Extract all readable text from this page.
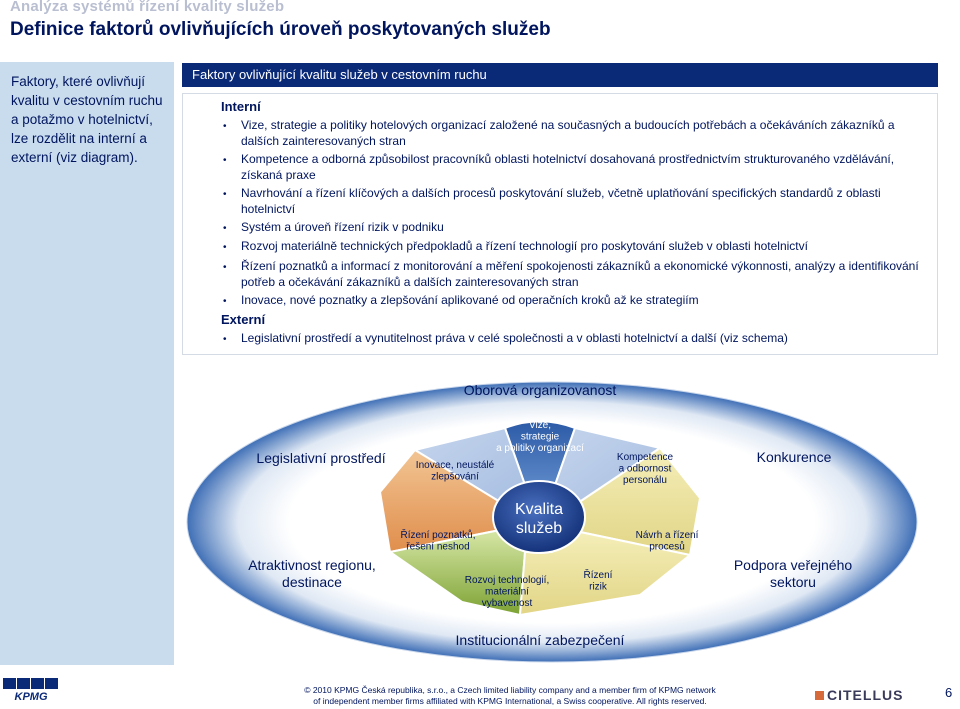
Analýza systémů řízení kvality služeb
Definice faktorů ovlivňujících úroveň poskytovaných služeb
Faktory, které ovlivňují kvalitu v cestovním ruchu a potažmo v hotelnictví, lze rozdělit na interní a externí (viz diagram).
Faktory ovlivňující kvalitu služeb v cestovním ruchu
Interní
• Vize, strategie a politiky hotelových organizací založené na současných a budoucích potřebách a očekáváních zákazníků a dalších zainteresovaných stran
• Kompetence a odborná způsobilost pracovníků oblasti hotelnictví dosahovaná prostřednictvím strukturovaného vzdělávání, získaná praxe
• Navrhování a řízení klíčových a dalších procesů poskytování služeb, včetně uplatňování specifických standardů z oblasti hotelnictví
• Systém a úroveň řízení rizik v podniku
• Rozvoj materiálně technických předpokladů a řízení technologií pro poskytování služeb v oblasti hotelnictví
• Řízení poznatků a informací z monitorování a měření spokojenosti zákazníků a ekonomické výkonnosti, analýzy a identifikování potřeb a očekávání zákazníků a dalších zainteresovaných stran
• Inovace, nové poznatky a zlepšování aplikované od operačních kroků až ke strategiím
Externí
• Legislativní prostředí a vynutitelnost práva v celé společnosti a v oblasti hotelnictví a další (viz schema)
Oborová organizovanost
Institucionální zabezpečení
Legislativní prostředí	Konkurence
Atraktivnost regionu,
destinace
Podpora veřejného
sektoru
Kvalita
služeb
Vize,
strategie
a politiky organizací
Inovace, neustálé
zlepšování
Kompetence
a odbornost
personálu
Řízení poznatků,
řešení neshod
Návrh a řízení
procesů
Rozvoj technologií,
materiální
vybavenost
Řízení
rizik
KPMG
© 2010 KPMG Česká republika, s.r.o., a Czech limited liability company and a member firm of KPMG network
of independent member firms affiliated with KPMG International, a Swiss cooperative. All rights reserved.	CITELLUS	6
